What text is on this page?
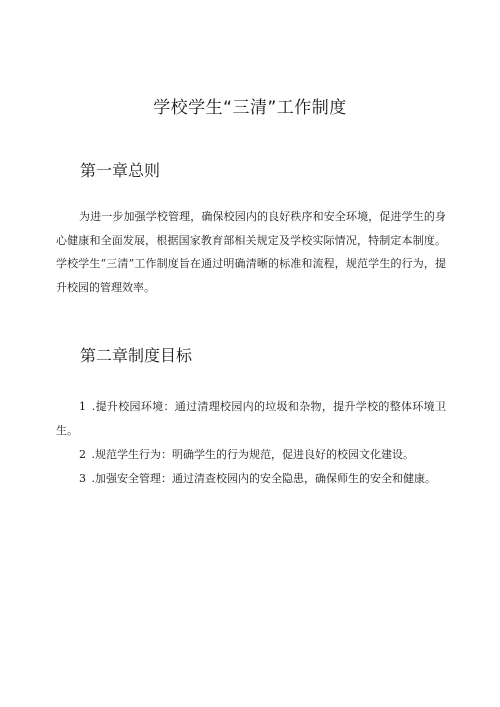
学校学生“三清”工作制度
第一章总则

为进一步加强学校管理，确保校园内的良好秩序和安全环境，促进学生的身心健康和全面发展，根据国家教育部相关规定及学校实际情况，特制定本制度。学校学生“三清”工作制度旨在通过明确清晰的标准和流程，规范学生的行为，提升校园的管理效率。

第二章制度目标

1 .提升校园环境：通过清理校园内的垃圾和杂物，提升学校的整体环境卫生。

2 .规范学生行为：明确学生的行为规范，促进良好的校园文化建设。

3 .加强安全管理：通过清查校园内的安全隐患，确保师生的安全和健康。
